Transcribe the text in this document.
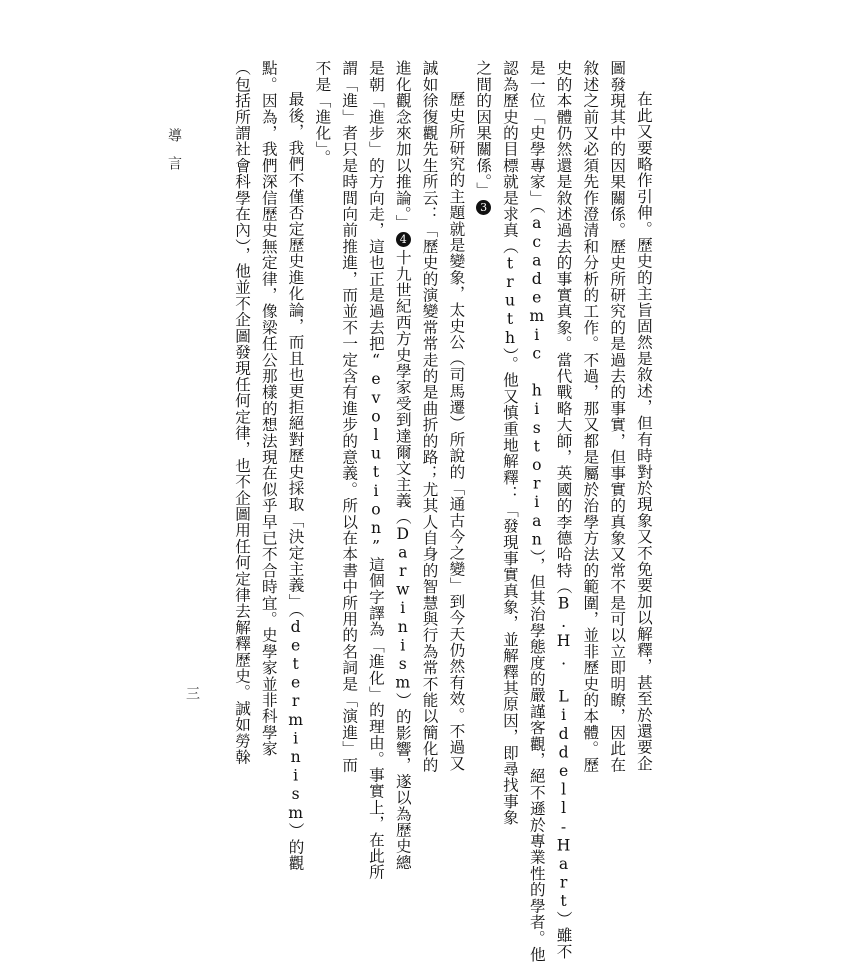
導言
三	在此又要略作引伸。歷史的主旨固然是敘述，但有時對於現象又不免要加以解釋，甚至於還要企
圖發現其中的因果關係。歷史所研究的是過去的事實，但事實的真象又常不是可以立即明瞭，因此在
敘述之前又必須先作澄清和分析的工作。不過，那又都是屬於治學方法的範圍，並非歷史的本體。歷
史的本體仍然還是敘述過去的事實真象。當代戰略大師，英國的李德哈特（B.H. Liddell-Hart）雖不
是一位「史學專家」（academic historian），但其治學態度的嚴謹客觀，絕不遜於專業性的學者。他
認為歷史的目標就是求真（truth）。他又慎重地解釋：「發現事實真象，並解釋其原因，即尋找事象
之間的因果關係。」3
歷史所研究的主題就是變象，太史公（司馬遷）所說的「通古今之變」到今天仍然有效。不過又
誠如徐復觀先生所云：「歷史的演變常常走的是曲折的路；尤其人自身的智慧與行為常不能以簡化的
進化觀念來加以推論。」4十九世紀西方史學家受到達爾文主義（Darwinism）的影響，遂以為歷史總
是朝「進步」的方向走，這也正是過去把“evolution”這個字譯為「進化」的理由。事實上，在此所
謂「進」者只是時間向前推進，而並不一定含有進步的意義。所以在本書中所用的名詞是「演進」而
不是「進化」。
最後，我們不僅否定歷史進化論，而且也更拒絕對歷史採取「決定主義」（determinism）的觀
點。因為，我們深信歷史無定律，像梁任公那樣的想法現在似乎早已不合時宜。史學家並非科學家
（包括所謂社會科學在內），他並不企圖發現任何定律，也不企圖用任何定律去解釋歷史。誠如勞榦
